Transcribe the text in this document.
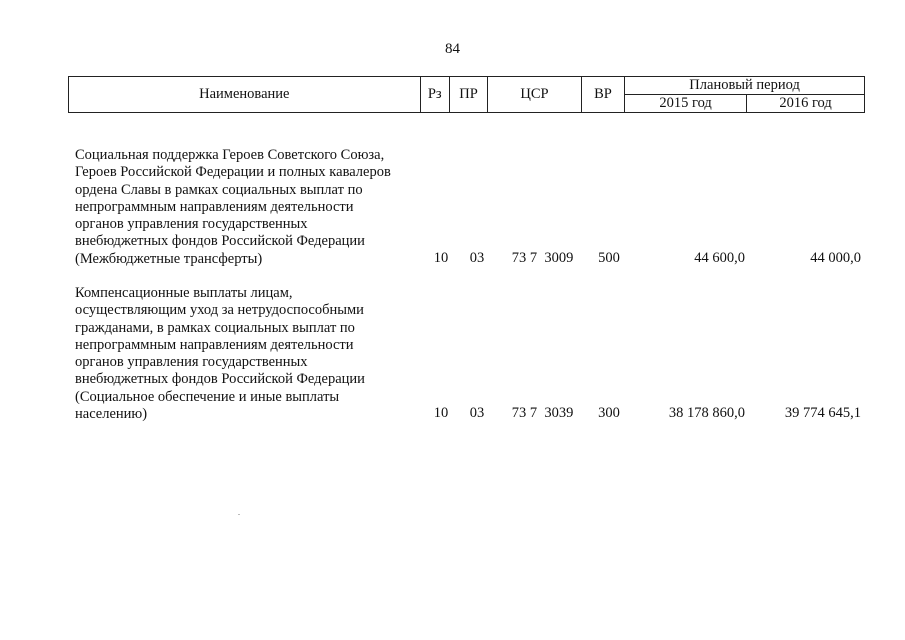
84
Наименование	Рз	ПР	ЦСР	ВР	Плановый период	
					2015 год	2016 год
Социальная поддержка Героев Советского Союза,
Героев Российской Федерации и полных кавалеров
ордена Славы в рамках социальных выплат по
непрограммным направлениям деятельности
органов управления государственных
внебюджетных фондов Российской Федерации
(Межбюджетные трансферты)	10	03	73 7  3009	500	44 600,0	44 000,0
Компенсационные выплаты лицам,
осуществляющим уход за нетрудоспособными
гражданами, в рамках социальных выплат по
непрограммным направлениям деятельности
органов управления государственных
внебюджетных фондов Российской Федерации
(Социальное обеспечение и иные выплаты
населению)	10	03	73 7  3039	300	38 178 860,0	39 774 645,1
